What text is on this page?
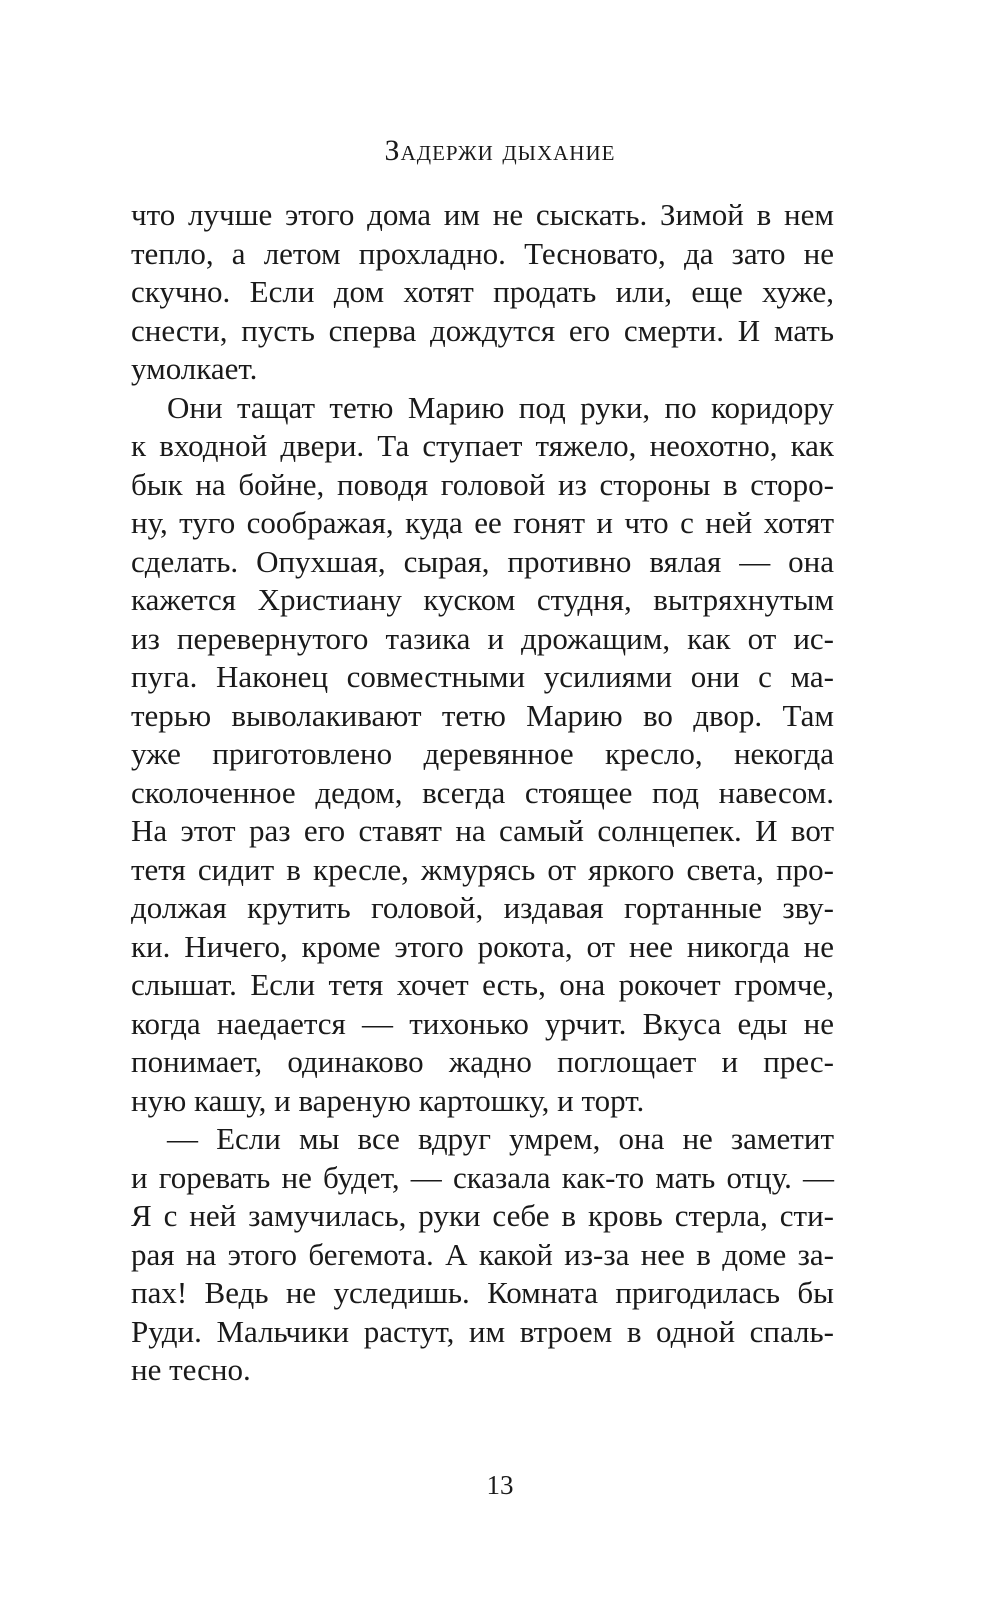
Задержи дыхание
что лучше этого дома им не сыскать. Зимой в нем
тепло, а летом прохладно. Тесновато, да зато не
скучно. Если дом хотят продать или, еще хуже,
снести, пусть сперва дождутся его смерти. И мать
умолкает.
Они тащат тетю Марию под руки, по коридору
к входной двери. Та ступает тяжело, неохотно, как
бык на бойне, поводя головой из стороны в сторо-
ну, туго соображая, куда ее гонят и что с ней хотят
сделать. Опухшая, сырая, противно вялая — она
кажется Христиану куском студня, вытряхнутым
из перевернутого тазика и дрожащим, как от ис-
пуга. Наконец совместными усилиями они с ма-
терью выволакивают тетю Марию во двор. Там
уже приготовлено деревянное кресло, некогда
сколоченное дедом, всегда стоящее под навесом.
На этот раз его ставят на самый солнцепек. И вот
тетя сидит в кресле, жмурясь от яркого света, про-
должая крутить головой, издавая гортанные зву-
ки. Ничего, кроме этого рокота, от нее никогда не
слышат. Если тетя хочет есть, она рокочет громче,
когда наедается — тихонько урчит. Вкуса еды не
понимает, одинаково жадно поглощает и прес-
ную кашу, и вареную картошку, и торт.
— Если мы все вдруг умрем, она не заметит
и горевать не будет, — сказала как-то мать отцу. —
Я с ней замучилась, руки себе в кровь стерла, сти-
рая на этого бегемота. А какой из-за нее в доме за-
пах! Ведь не уследишь. Комната пригодилась бы
Руди. Мальчики растут, им втроем в одной спаль-
не тесно.
13
